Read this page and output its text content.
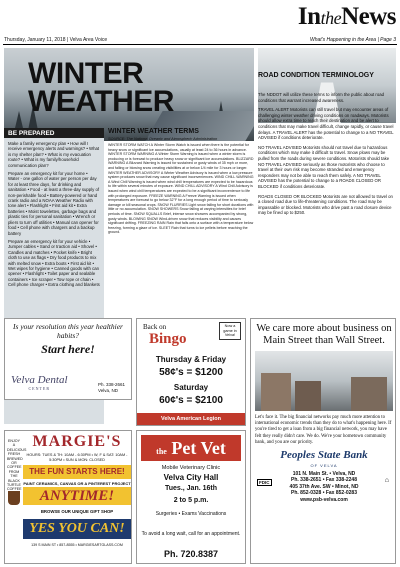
Thursday, January 11, 2018 | Velva Area Voice
IntheNews
What's Happening in the Area | Page 3
WINTER
WEATHER
BE PREPARED

Make a family emergency plan • How will I receive emergency alerts and warnings? • What is my shelter plan? • What is my evacuation route? • What is my family/household communication plan?

Prepare an emergency kit for your home • Water - one gallon of water per person per day for at least three days, for drinking and sanitation • Food - at least a three-day supply of non-perishable food • Battery-powered or hand crank radio and a NOAA Weather Radio with tone alert • Flashlight • First aid kit • Extra batteries • Moist towelettes, garbage bags and plastic ties for personal sanitation • Wrench or pliers to turn off utilities • Manual can opener for food • Cell phone with chargers and a backup battery

Prepare an emergency kit for your vehicle • Jumper cables • Sand or traction aid • Shovel • Candles and matches • Pocket knife • Bright cloth to use as flags • Dry food products to mix with melted snow • Extra boots • First aid kit • Wet wipes for hygiene • Canned goods with can opener • Flashlight • Toilet paper and sealable containers • Ice scraper • Tow rope or chain • Cell phone charger • Extra clothing and blankets

WINTER WEATHER TERMS
SOURCE: The National Oceanic and Atmospheric Administration
WINTER STORM WATCH A Winter Storm Watch is issued when there is the potential for heavy snow or significant ice accumulations, usually at least 24 to 36 hours in advance. WINTER STORM WARNING A Winter Storm Warning is issued when a winter storm is producing or is forecast to produce heavy snow or significant ice accumulations. BLIZZARD WARNING A Blizzard Warning is issued for sustained or gusty winds of 35 mph or more, and falling or blowing snow creating visibilities at or below 1/4 mile for 3 hours or longer. WINTER WEATHER ADVISORY A Winter Weather Advisory is issued when a low pressure system produces snow that may cause significant inconveniences. WIND CHILL WARNING A Wind Chill Warning is issued when wind chill temperatures are expected to be hazardous to life within several minutes of exposure. WIND CHILL ADVISORY A Wind Chill Advisory is issued when wind chill temperatures are expected to be a significant inconvenience to life with prolonged exposure. FREEZE WARNING A Freeze Warning is issued when temperatures are forecast to go below 32°F for a long enough period of time to seriously damage or kill seasonal crops. SNOW FLURRIES Light snow falling for short durations with little or no accumulation. SNOW SHOWERS Snow falling at varying intensities for brief periods of time. SNOW SQUALLS Brief, intense snow showers accompanied by strong, gusty winds. BLOWING SNOW Wind-driven snow that reduces visibility and causes significant drifting. FREEZING RAIN Rain that falls onto a surface with a temperature below freezing, forming a glaze of ice. SLEET Rain that turns to ice pellets before reaching the ground.
ROAD CONDITION TERMINOLOGY

The NDDOT will utilize these terms to inform the public about road conditions that warrant increased awareness.

TRAVEL ALERT Motorists can still travel but may encounter areas of challenging winter weather driving conditions on roadways. Motorists should allow extra time to reach their destination and be alert to conditions that may make travel difficult, change rapidly, or cause travel delays. A TRAVEL ALERT has the potential to change to a NO TRAVEL ADVISED if conditions deteriorate.

NO TRAVEL ADVISED Motorists should not travel due to hazardous conditions which may make it difficult to travel. Snow plows may be pulled from the roads during severe conditions. Motorists should take NO TRAVEL ADVISED seriously as those motorists who choose to travel at their own risk may become stranded and emergency responders may not be able to reach them safely. A NO TRAVEL ADVISED has the potential to change to a ROADS CLOSED OR BLOCKED if conditions deteriorate.

ROADS CLOSED OR BLOCKED Motorists are not allowed to travel on a closed road due to life-threatening conditions. The road may be impassable or blocked. Motorists who drive past a road closure device may be fined up to $250.

Is your resolution this year healthier habits?
Start here!
Velva Dental
CENTER
Ph. 338-2661
Velva, ND
Back on
Bingo
Now a game in Velva!
Thursday & Friday
58¢'s = $1200
Saturday
60¢'s = $2100
Velva American Legion
We care more about business on Main Street than Wall Street.
Let's face it. The big financial networks pay much more attention to international economic trends than they do to what's happening here. If you're tired to get a loan from a big financial network, you may have felt they really didn't care. We do. We're your hometown community bank, and you are our priority.
Peoples State Bank
OF VELVA
101 N. Main St. • Velva, ND
Ph. 338-2651 • Fax 338-2248
405 37th Ave. SW • Minot, ND
Ph. 852-0328 • Fax 852-0283
www.psb-velva.com
FDIC	⌂
ENJOY A DELICIOUS FRESH BREWED OR COFFEE FROM THE BLACK TURTLE COFFEE
MARGIE'S
HOURS: TUES & TH: 10AM - 6:30PM • W, F & SAT: 10AM - 5:30PM • SUN & MON: CLOSED
THE FUN STARTS HERE!
PAINT CERAMICS, CANVAS OR A PINTEREST PROJECT
ANYTIME!
BROWSE OUR UNIQUE GIFT SHOP
YES YOU CAN!
139 S MAIN ST • 857-8555 • MARGIESARTGLASS.COM
the Pet Vet
Mobile Veterinary Clinic
Velva City Hall
Tues., Jan. 16th
2 to 5 p.m.
Surgeries • Exams Vaccinations
To avoid a long wait, call for an appointment.
Ph. 720.8387
